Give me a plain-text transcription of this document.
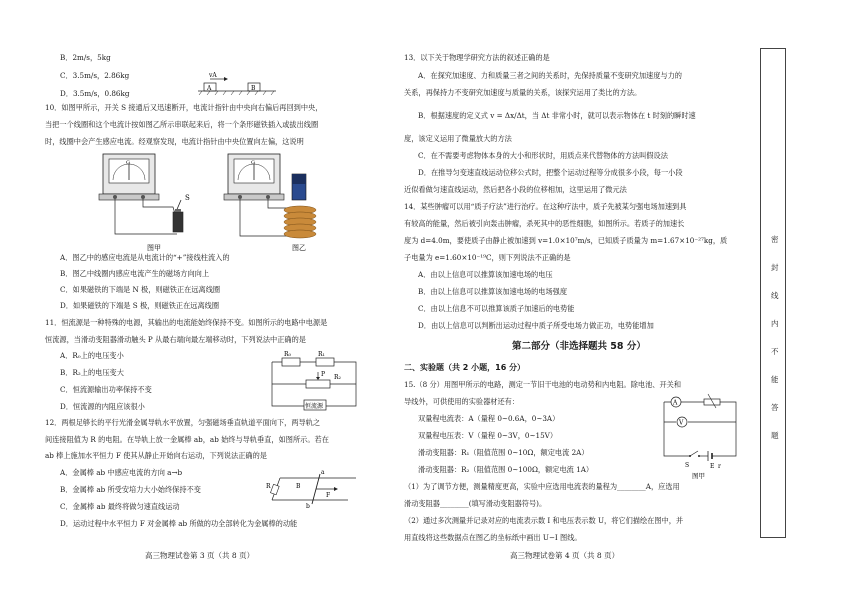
B．2m/s，5kg
C．3.5m/s，2.86kg
D．3.5m/s，0.86kg
vA
A	B
10．如图甲所示，开关 S 接通后又迅速断开，电流计指针由中央向右偏后再回到中央，
当把一个线圈和这个电流计按如图乙所示串联起来后，将一个条形磁铁插入或拔出线圈
时，线圈中会产生感应电流。经观察发现，电流计指针由中央位置向左偏，这说明
G
S
图甲
G
图乙
A．图乙中的感应电流是从电流计的“+”接线柱流入的
B．图乙中线圈内感应电流产生的磁场方向向上
C．如果磁铁的下端是 N 极，则磁铁正在远离线圈
D．如果磁铁的下端是 S 极，则磁铁正在远离线圈
11．恒流源是一种特殊的电源，其输出的电流能始终保持不变。如图所示的电路中电源是
恒流源，当滑动变阻器滑动触头 P 从最右端向最左端移动时，下列说法中正确的是
A．R₀上的电压变小
B．R₂上的电压变大
C．恒流源输出功率保持不变
D．恒流源的内阻应该很小
R₀	R₁
P R₂
恒流源
12．两根足够长的平行光滑金属导轨水平放置，匀强磁场垂直轨道平面向下，两导轨之
间连接阻值为 R 的电阻。在导轨上放一金属棒 ab，ab 始终与导轨垂直，如图所示。若在
ab 棒上施加水平恒力 F 使其从静止开始向右运动，下列说法正确的是
A．金属棒 ab 中感应电流的方向 a→b
B．金属棒 ab 所受安培力大小始终保持不变
C．金属棒 ab 最终将做匀速直线运动
D．运动过程中水平恒力 F 对金属棒 ab 所做的功全部转化为金属棒的动能
R
a
b
F
B
高三物理试卷第 3 页（共 8 页）
13．以下关于物理学研究方法的叙述正确的是
A．在探究加速度、力和质量三者之间的关系时，先保持质量不变研究加速度与力的
关系，再保持力不变研究加速度与质量的关系，该探究运用了类比的方法。
B．根据速度的定义式 v = Δx/Δt，当 Δt 非常小时，就可以表示物体在 t 时刻的瞬时速
度，该定义运用了微量放大的方法
C．在不需要考虑物体本身的大小和形状时，用质点来代替物体的方法叫假设法
D．在推导匀变速直线运动位移公式时，把整个运动过程等分成很多小段，每一小段
近似看做匀速直线运动，然后把各小段的位移相加，这里运用了微元法
14．某些肿瘤可以用“质子疗法”进行治疗。在这种疗法中，质子先被某匀强电场加速到具
有较高的能量，然后被引向轰击肿瘤，杀死其中的恶性细胞，如图所示。若质子的加速长
度为 d=4.0m，要使质子由静止被加速到 v=1.0×10⁷m/s，已知质子质量为 m=1.67×10⁻²⁷kg，质
子电量为 e=1.60×10⁻¹⁹C，则下列说法不正确的是
A．由以上信息可以推算该加速电场的电压
B．由以上信息可以推算该加速电场的电场强度
C．由以上信息不可以推算该质子加速后的电势能
D．由以上信息可以判断出运动过程中质子所受电场力做正功，电势能增加
第二部分（非选择题共 58 分）
二、实验题（共 2 小题，16 分）
15.（8 分）用图甲所示的电路，测定一节旧干电池的电动势和内电阻。除电池、开关和
导线外，可供使用的实验器材还有：
双量程电流表：A（量程 0~0.6A，0~3A）
双量程电压表：V（量程 0~3V，0~15V）
滑动变阻器：R₁（阻值范围 0~10Ω，额定电流 2A）
滑动变阻器：R₂（阻值范围 0~100Ω，额定电流 1A）
（1）为了调节方便，测量精度更高，实验中应选用电流表的量程为________A，应选用
滑动变阻器________(填写滑动变阻器符号)。
（2）通过多次测量并记录对应的电流表示数 I 和电压表示数 U，将它们描绘在图中，并
用直线将这些数据点在图乙的坐标纸中画出 U−I 图线。
A
V
S	E r
图甲
高三物理试卷第 4 页（共 8 页）
密
封
线
内
不
能
答
题
